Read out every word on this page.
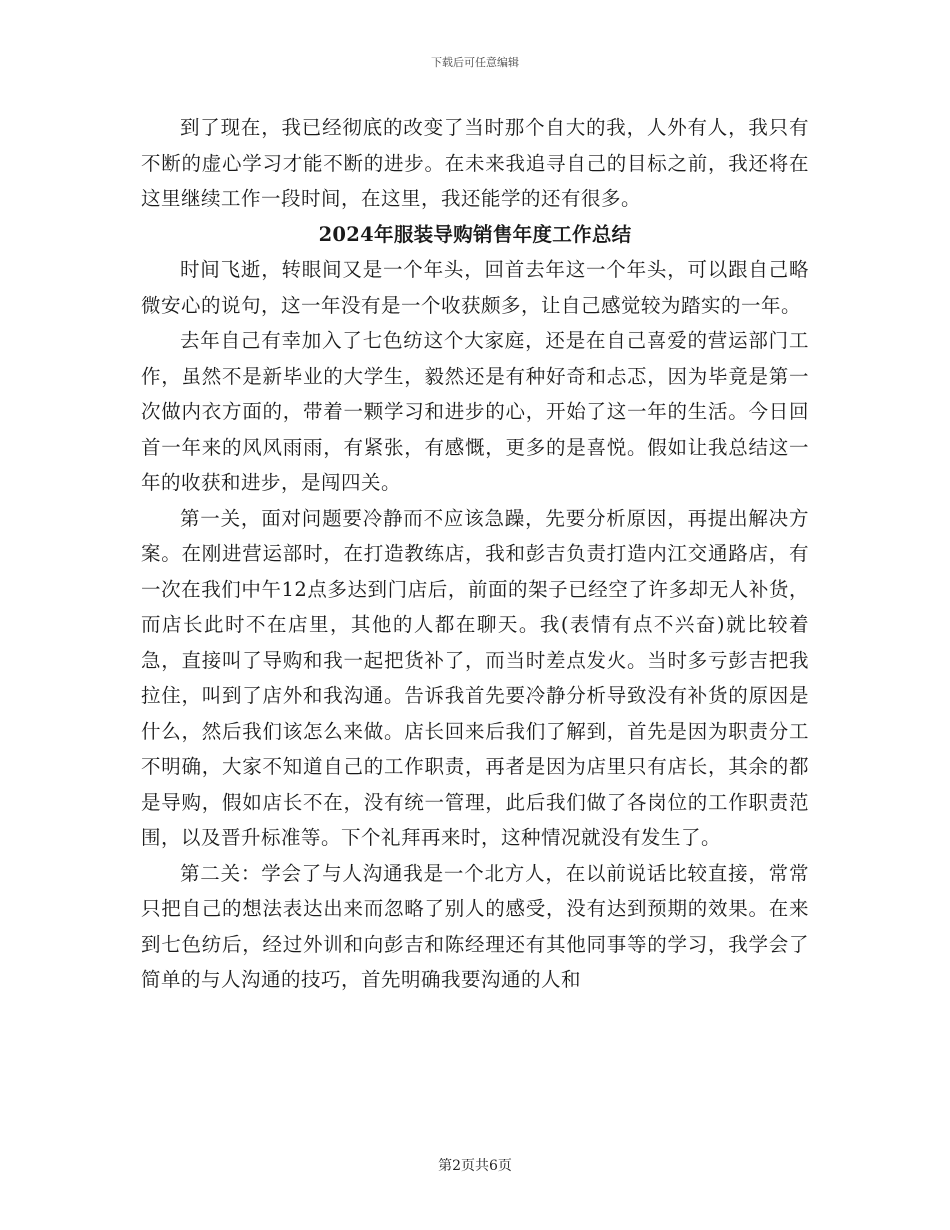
下载后可任意编辑

到了现在，我已经彻底的改变了当时那个自大的我，人外有人，我只有不断的虚心学习才能不断的进步。在未来我追寻自己的目标之前，我还将在这里继续工作一段时间，在这里，我还能学的还有很多。

2024年服装导购销售年度工作总结

时间飞逝，转眼间又是一个年头，回首去年这一个年头，可以跟自己略微安心的说句，这一年没有是一个收获颇多，让自己感觉较为踏实的一年。

去年自己有幸加入了七色纺这个大家庭，还是在自己喜爱的营运部门工作，虽然不是新毕业的大学生，毅然还是有种好奇和忐忑，因为毕竟是第一次做内衣方面的，带着一颗学习和进步的心，开始了这一年的生活。今日回首一年来的风风雨雨，有紧张，有感慨，更多的是喜悦。假如让我总结这一年的收获和进步，是闯四关。

第一关，面对问题要冷静而不应该急躁，先要分析原因，再提出解决方案。在刚进营运部时，在打造教练店，我和彭吉负责打造内江交通路店，有一次在我们中午12点多达到门店后，前面的架子已经空了许多却无人补货，而店长此时不在店里，其他的人都在聊天。我(表情有点不兴奋)就比较着急，直接叫了导购和我一起把货补了，而当时差点发火。当时多亏彭吉把我拉住，叫到了店外和我沟通。告诉我首先要冷静分析导致没有补货的原因是什么，然后我们该怎么来做。店长回来后我们了解到，首先是因为职责分工不明确，大家不知道自己的工作职责，再者是因为店里只有店长，其余的都是导购，假如店长不在，没有统一管理，此后我们做了各岗位的工作职责范围，以及晋升标准等。下个礼拜再来时，这种情况就没有发生了。

第二关：学会了与人沟通我是一个北方人，在以前说话比较直接，常常只把自己的想法表达出来而忽略了别人的感受，没有达到预期的效果。在来到七色纺后，经过外训和向彭吉和陈经理还有其他同事等的学习，我学会了简单的与人沟通的技巧，首先明确我要沟通的人和

第2页共6页
